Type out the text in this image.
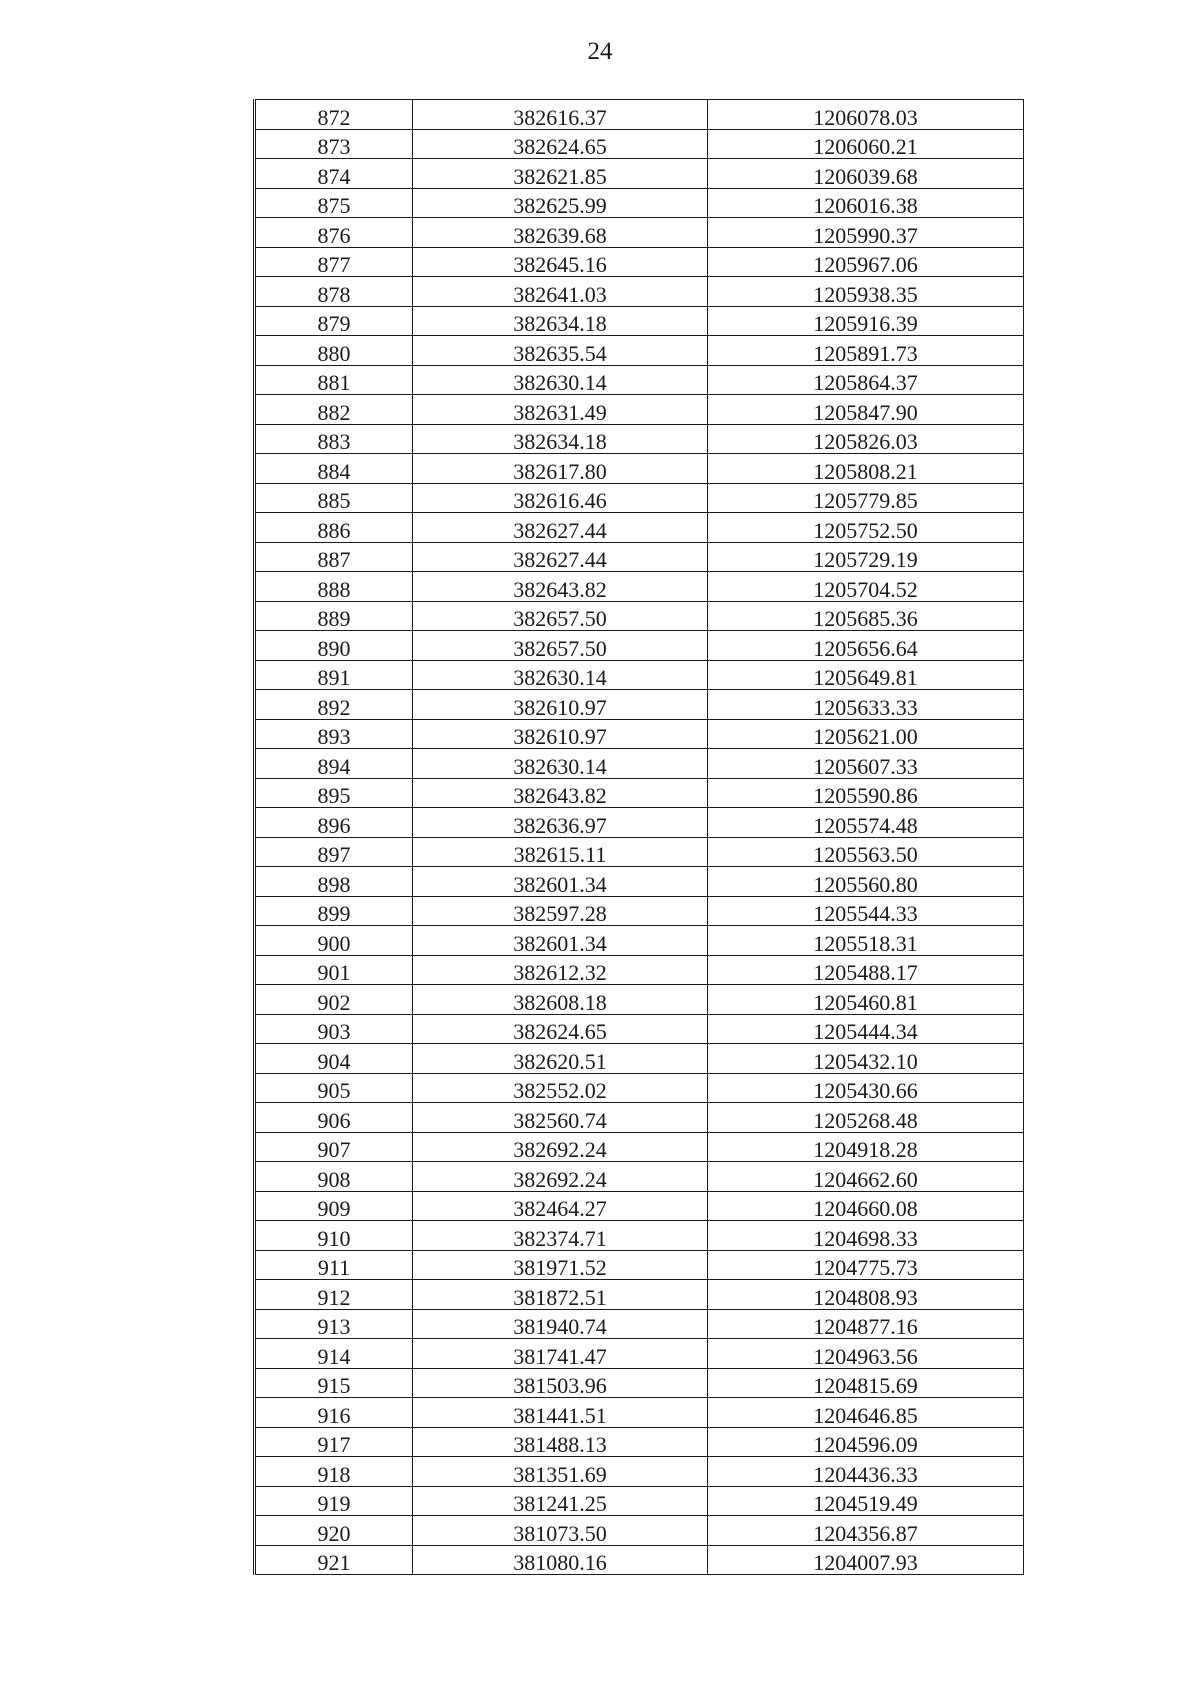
24
872	382616.37	1206078.03
873	382624.65	1206060.21
874	382621.85	1206039.68
875	382625.99	1206016.38
876	382639.68	1205990.37
877	382645.16	1205967.06
878	382641.03	1205938.35
879	382634.18	1205916.39
880	382635.54	1205891.73
881	382630.14	1205864.37
882	382631.49	1205847.90
883	382634.18	1205826.03
884	382617.80	1205808.21
885	382616.46	1205779.85
886	382627.44	1205752.50
887	382627.44	1205729.19
888	382643.82	1205704.52
889	382657.50	1205685.36
890	382657.50	1205656.64
891	382630.14	1205649.81
892	382610.97	1205633.33
893	382610.97	1205621.00
894	382630.14	1205607.33
895	382643.82	1205590.86
896	382636.97	1205574.48
897	382615.11	1205563.50
898	382601.34	1205560.80
899	382597.28	1205544.33
900	382601.34	1205518.31
901	382612.32	1205488.17
902	382608.18	1205460.81
903	382624.65	1205444.34
904	382620.51	1205432.10
905	382552.02	1205430.66
906	382560.74	1205268.48
907	382692.24	1204918.28
908	382692.24	1204662.60
909	382464.27	1204660.08
910	382374.71	1204698.33
911	381971.52	1204775.73
912	381872.51	1204808.93
913	381940.74	1204877.16
914	381741.47	1204963.56
915	381503.96	1204815.69
916	381441.51	1204646.85
917	381488.13	1204596.09
918	381351.69	1204436.33
919	381241.25	1204519.49
920	381073.50	1204356.87
921	381080.16	1204007.93
